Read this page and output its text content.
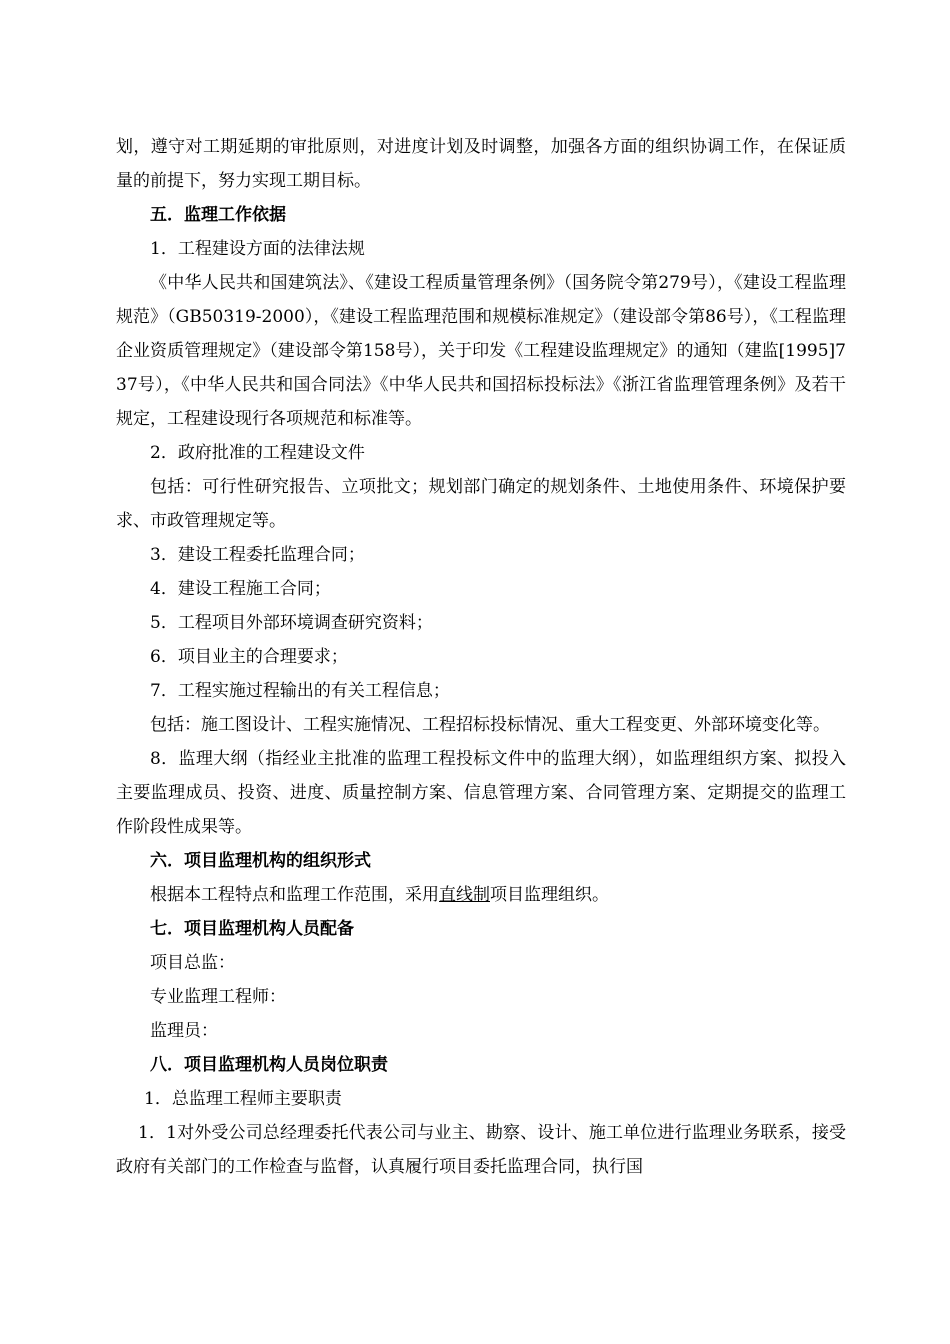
划，遵守对工期延期的审批原则，对进度计划及时调整，加强各方面的组织协调工作，在保证质量的前提下，努力实现工期目标。

五．监理工作依据

1．工程建设方面的法律法规

《中华人民共和国建筑法》、《建设工程质量管理条例》（国务院令第279号），《建设工程监理规范》（GB50319-2000），《建设工程监理范围和规模标准规定》（建设部令第86号），《工程监理企业资质管理规定》（建设部令第158号），关于印发《工程建设监理规定》的通知（建监[1995]737号），《中华人民共和国合同法》《中华人民共和国招标投标法》《浙江省监理管理条例》及若干规定，工程建设现行各项规范和标准等。

2．政府批准的工程建设文件

包括：可行性研究报告、立项批文；规划部门确定的规划条件、土地使用条件、环境保护要求、市政管理规定等。

3．建设工程委托监理合同；

4．建设工程施工合同；

5．工程项目外部环境调查研究资料；

6．项目业主的合理要求；

7．工程实施过程输出的有关工程信息；

包括：施工图设计、工程实施情况、工程招标投标情况、重大工程变更、外部环境变化等。

8．监理大纲（指经业主批准的监理工程投标文件中的监理大纲），如监理组织方案、拟投入主要监理成员、投资、进度、质量控制方案、信息管理方案、合同管理方案、定期提交的监理工作阶段性成果等。

六．项目监理机构的组织形式

根据本工程特点和监理工作范围，采用直线制项目监理组织。

七．项目监理机构人员配备

项目总监：

专业监理工程师：

监理员：

八．项目监理机构人员岗位职责

1．总监理工程师主要职责

1．1对外受公司总经理委托代表公司与业主、勘察、设计、施工单位进行监理业务联系，接受政府有关部门的工作检查与监督，认真履行项目委托监理合同，执行国
